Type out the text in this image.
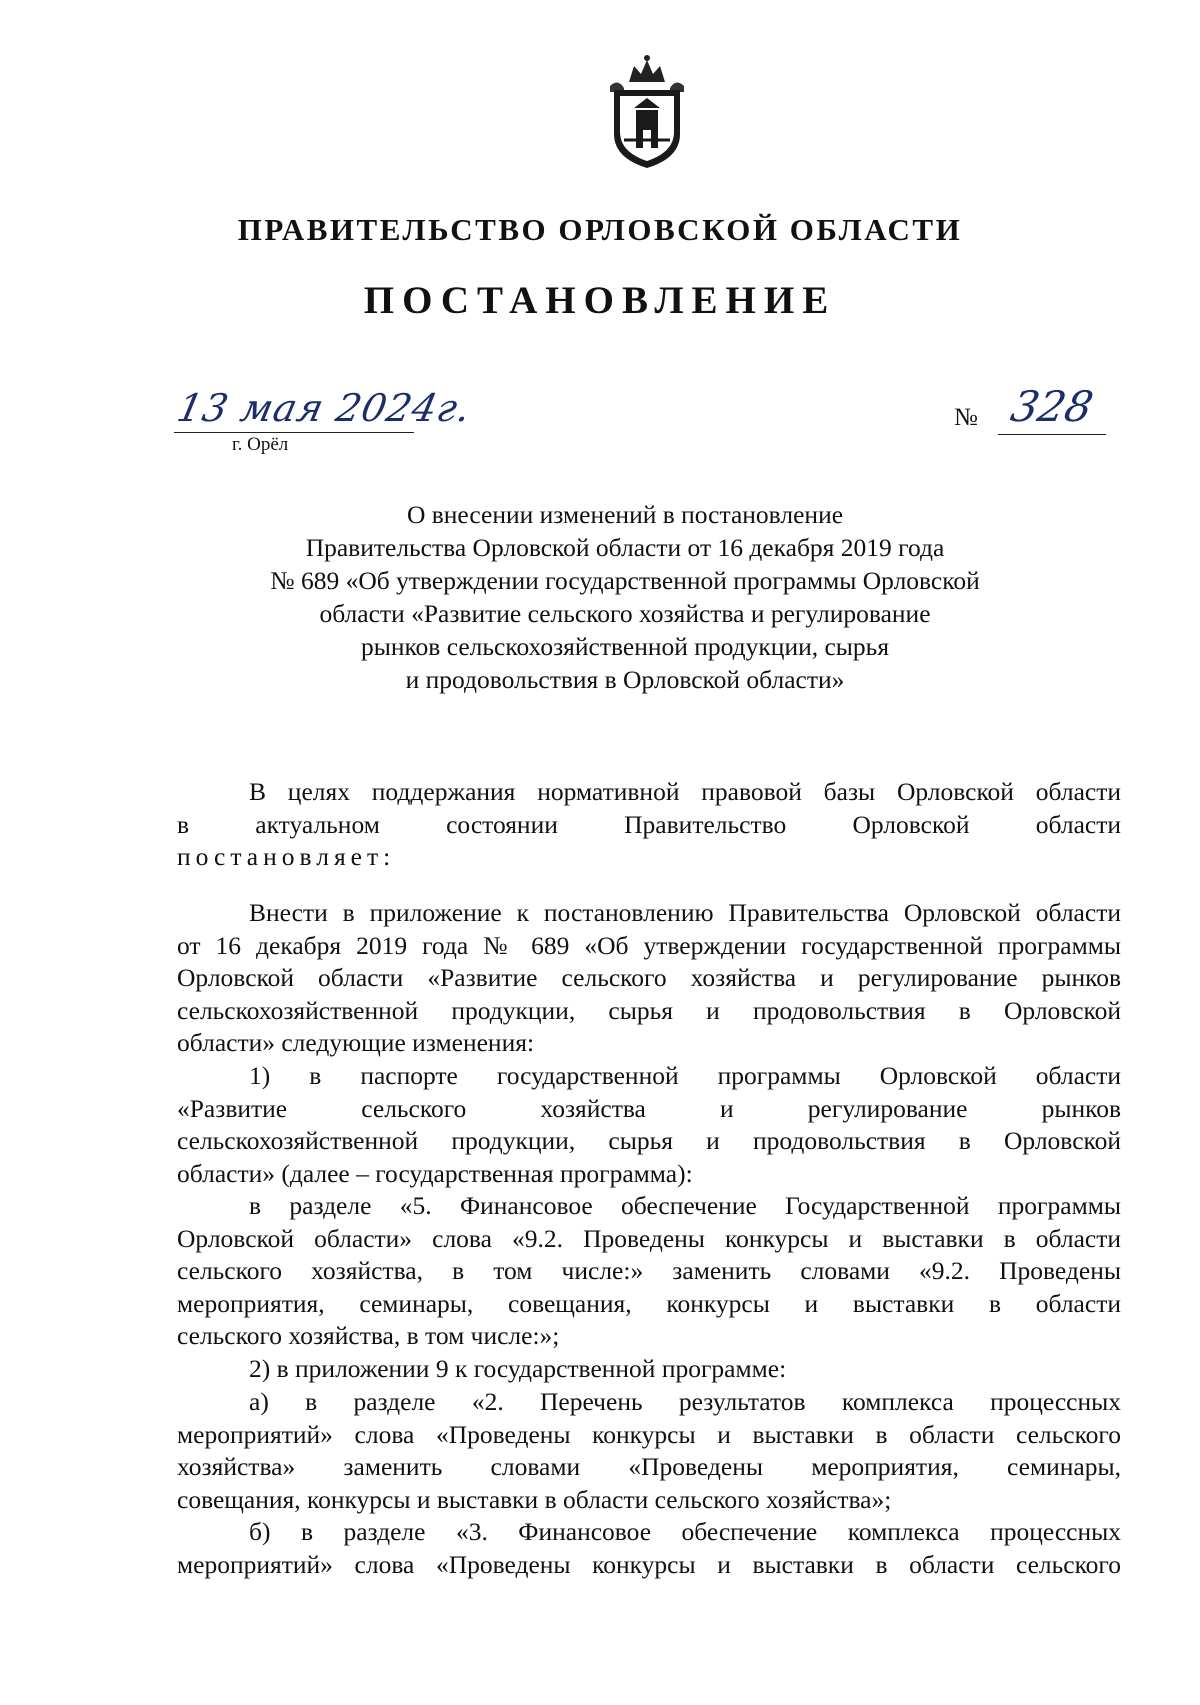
ПРАВИТЕЛЬСТВО ОРЛОВСКОЙ ОБЛАСТИ
ПОСТАНОВЛЕНИЕ
13 мая 2024г.
г. Орёл
№ 328
О внесении изменений в постановление
Правительства Орловской области от 16 декабря 2019 года
№ 689 «Об утверждении государственной программы Орловской
области «Развитие сельского хозяйства и регулирование
рынков сельскохозяйственной продукции, сырья
и продовольствия в Орловской области»
В целях поддержания нормативной правовой базы Орловской области
в актуальном состоянии Правительство Орловской области
постановляет:
Внести в приложение к постановлению Правительства Орловской области
от 16 декабря 2019 года № 689 «Об утверждении государственной программы
Орловской области «Развитие сельского хозяйства и регулирование рынков
сельскохозяйственной продукции, сырья и продовольствия в Орловской
области» следующие изменения:
1) в паспорте государственной программы Орловской области
«Развитие сельского хозяйства и регулирование рынков
сельскохозяйственной продукции, сырья и продовольствия в Орловской
области» (далее – государственная программа):
в разделе «5. Финансовое обеспечение Государственной программы
Орловской области» слова «9.2. Проведены конкурсы и выставки в области
сельского хозяйства, в том числе:» заменить словами «9.2. Проведены
мероприятия, семинары, совещания, конкурсы и выставки в области
сельского хозяйства, в том числе:»;
2) в приложении 9 к государственной программе:
а) в разделе «2. Перечень результатов комплекса процессных
мероприятий» слова «Проведены конкурсы и выставки в области сельского
хозяйства» заменить словами «Проведены мероприятия, семинары,
совещания, конкурсы и выставки в области сельского хозяйства»;
б) в разделе «3. Финансовое обеспечение комплекса процессных
мероприятий» слова «Проведены конкурсы и выставки в области сельского
